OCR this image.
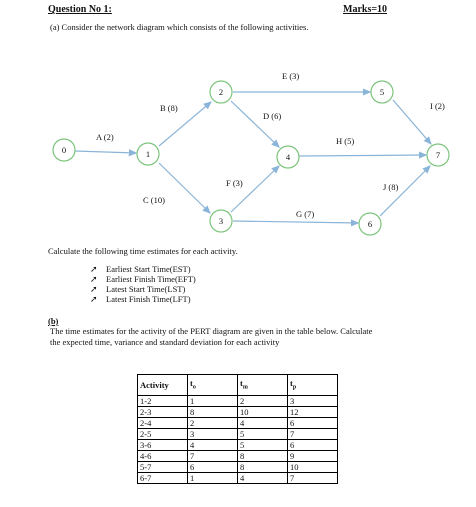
Question No 1:	Marks=10
(a) Consider the network diagram which consists of the following activities.
0	1
2
3
4
5
6
7
A (2)
B (8)
C (10)
D (6)
E (3)
F (3)
G (7)
H (5)
I (2)
J (8)
Calculate the following time estimates for each activity.
➚ Earliest Start Time(EST)
➚ Earliest Finish Time(EFT)
➚ Latest Start Time(LST)
➚ Latest Finish Time(LFT)
(b)
The time estimates for the activity of the PERT diagram are given in the table below. Calculate
the expected time, variance and standard deviation for each activity
Activity	$t_o$	$t_m$	$t_p$
1-2	1	2	3
2-3	8	10	12
2-4	2	4	6
2-5	3	5	7
3-6	4	5	6
4-6	7	8	9
5-7	6	8	10
6-7	1	4	7
